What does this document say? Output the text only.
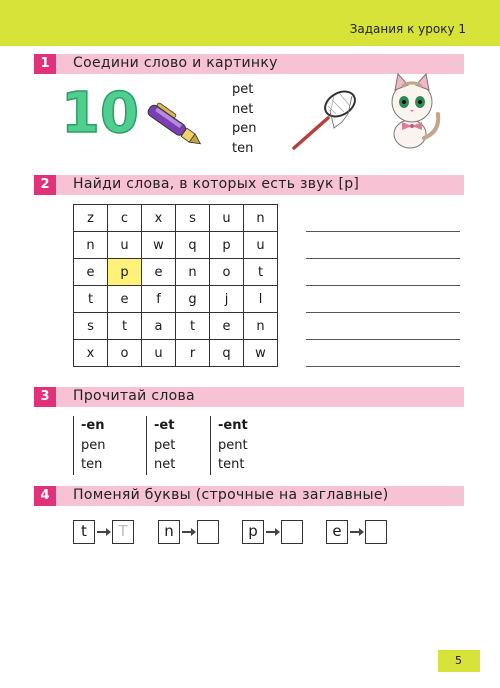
Задания к уроку 1
1	Соедини слово и картинку
10	pet
net
pen
ten
2	Найди слова, в которых есть звук [p]
z	c	x	s	u	n
n	u	w	q	p	u
e	p	e	n	o	t
t	e	f	g	j	l
s	t	a	t	e	n
x	o	u	r	q	w
3	Прочитай слова
-en
pen
ten
-et
pet
net
-ent
pent
tent
4	Поменяй буквы (строчные на заглавные)
t	T	n	p	e
5
